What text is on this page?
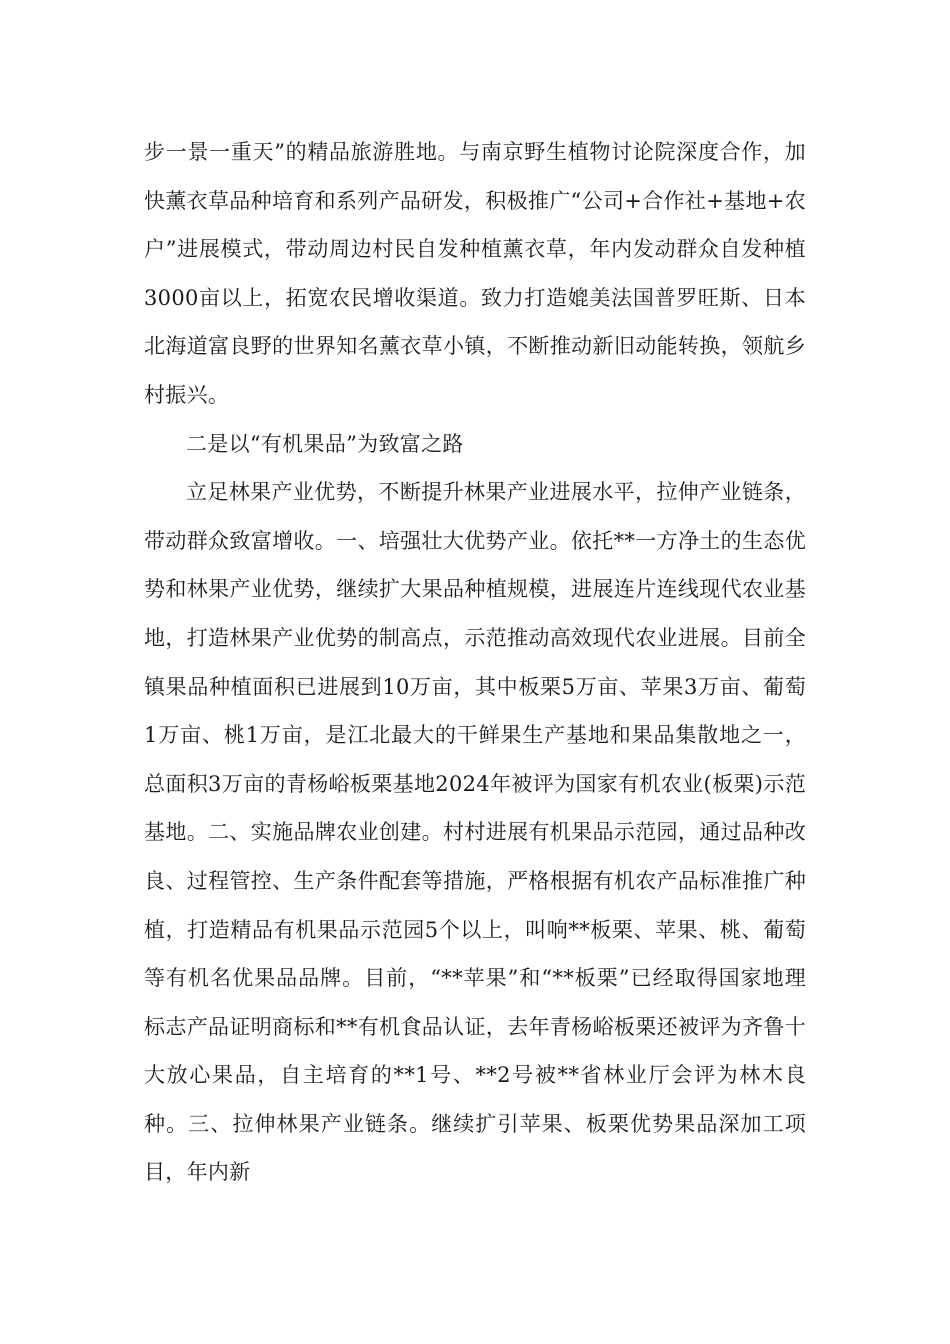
步一景一重天”的精品旅游胜地。与南京野生植物讨论院深度合作，加快薰衣草品种培育和系列产品研发，积极推广“公司+合作社+基地+农户”进展模式，带动周边村民自发种植薰衣草，年内发动群众自发种植3000亩以上，拓宽农民增收渠道。致力打造媲美法国普罗旺斯、日本北海道富良野的世界知名薰衣草小镇，不断推动新旧动能转换，领航乡村振兴。

二是以“有机果品”为致富之路

立足林果产业优势，不断提升林果产业进展水平，拉伸产业链条，带动群众致富增收。一、培强壮大优势产业。依托**一方净土的生态优势和林果产业优势，继续扩大果品种植规模，进展连片连线现代农业基地，打造林果产业优势的制高点，示范推动高效现代农业进展。目前全镇果品种植面积已进展到10万亩，其中板栗5万亩、苹果3万亩、葡萄1万亩、桃1万亩，是江北最大的干鲜果生产基地和果品集散地之一，总面积3万亩的青杨峪板栗基地2024年被评为国家有机农业(板栗)示范基地。二、实施品牌农业创建。村村进展有机果品示范园，通过品种改良、过程管控、生产条件配套等措施，严格根据有机农产品标准推广种植，打造精品有机果品示范园5个以上，叫响**板栗、苹果、桃、葡萄等有机名优果品品牌。目前，“**苹果”和“**板栗”已经取得国家地理标志产品证明商标和**有机食品认证，去年青杨峪板栗还被评为齐鲁十大放心果品，自主培育的**1号、**2号被**省林业厅会评为林木良种。三、拉伸林果产业链条。继续扩引苹果、板栗优势果品深加工项目，年内新
